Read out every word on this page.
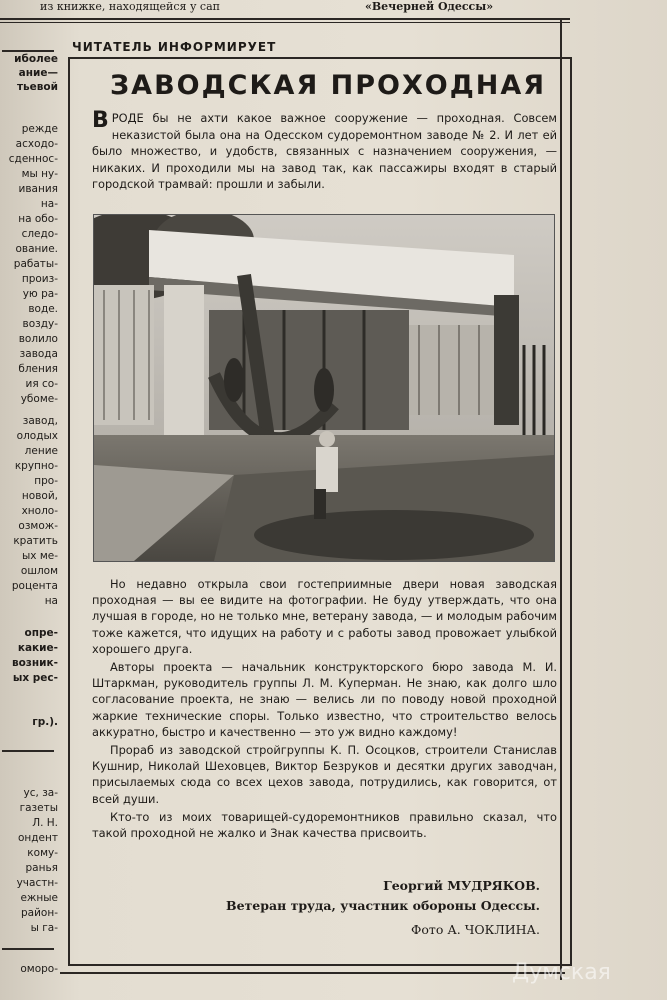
из книжке, находящейся у сап	«Вечерней Одессы»
иболее
ание—
тьевой
режде
асходо-
сденнос-
мы ну-
ивания
на-
на обо-
следо-
ование.
рабаты-
произ-
ую ра-
воде.
возду-
волило
завода
бления
ия со-
убоме-
завод,
олодых
ление
крупно-
про-
новой,
хноло-
озмож-
кратить
ых ме-
ошлом
роцента
на
опре-
какие-
возник-
ых рес-
гр.).
ус, за-
газеты
Л. Н.
ондент
кому-
ранья
участн-
ежные
район-
ы га-
оморо-
ЧИТАТЕЛЬ ИНФОРМИРУЕТ
ЗАВОДСКАЯ ПРОХОДНАЯ
ВРОДЕ бы не ахти какое важное сооружение — проходная. Совсем неказистой была она на Одесском судоремонтном заводе № 2. И лет ей было множество, и удобств, связанных с назначением сооружения, — никаких. И проходили мы на завод так, как пассажиры входят в старый городской трамвай: прошли и забыли.

Но недавно открыла свои гостеприимные двери новая заводская проходная — вы ее видите на фотографии. Не буду утверждать, что она лучшая в городе, но не только мне, ветерану завода, — и молодым рабочим тоже кажется, что идущих на работу и с работы завод провожает улыбкой хорошего друга.

Авторы проекта — начальник конструкторского бюро завода М. И. Штаркман, руководитель группы Л. М. Куперман. Не знаю, как долго шло согласование проекта, не знаю — велись ли по поводу новой проходной жаркие технические споры. Только известно, что строительство велось аккуратно, быстро и качественно — это уж видно каждому!

Прораб из заводской стройгруппы К. П. Осоцков, строители Станислав Кушнир, Николай Шеховцев, Виктор Безруков и десятки других заводчан, присылаемых сюда со всех цехов завода, потрудились, как говорится, от всей души.

Кто-то из моих товарищей-судоремонтников правильно сказал, что такой проходной не жалко и Знак качества присвоить.

Георгий МУДРЯКОВ.
Ветеран труда, участник обороны Одессы.
Фото А. ЧОКЛИНА.
Думская
